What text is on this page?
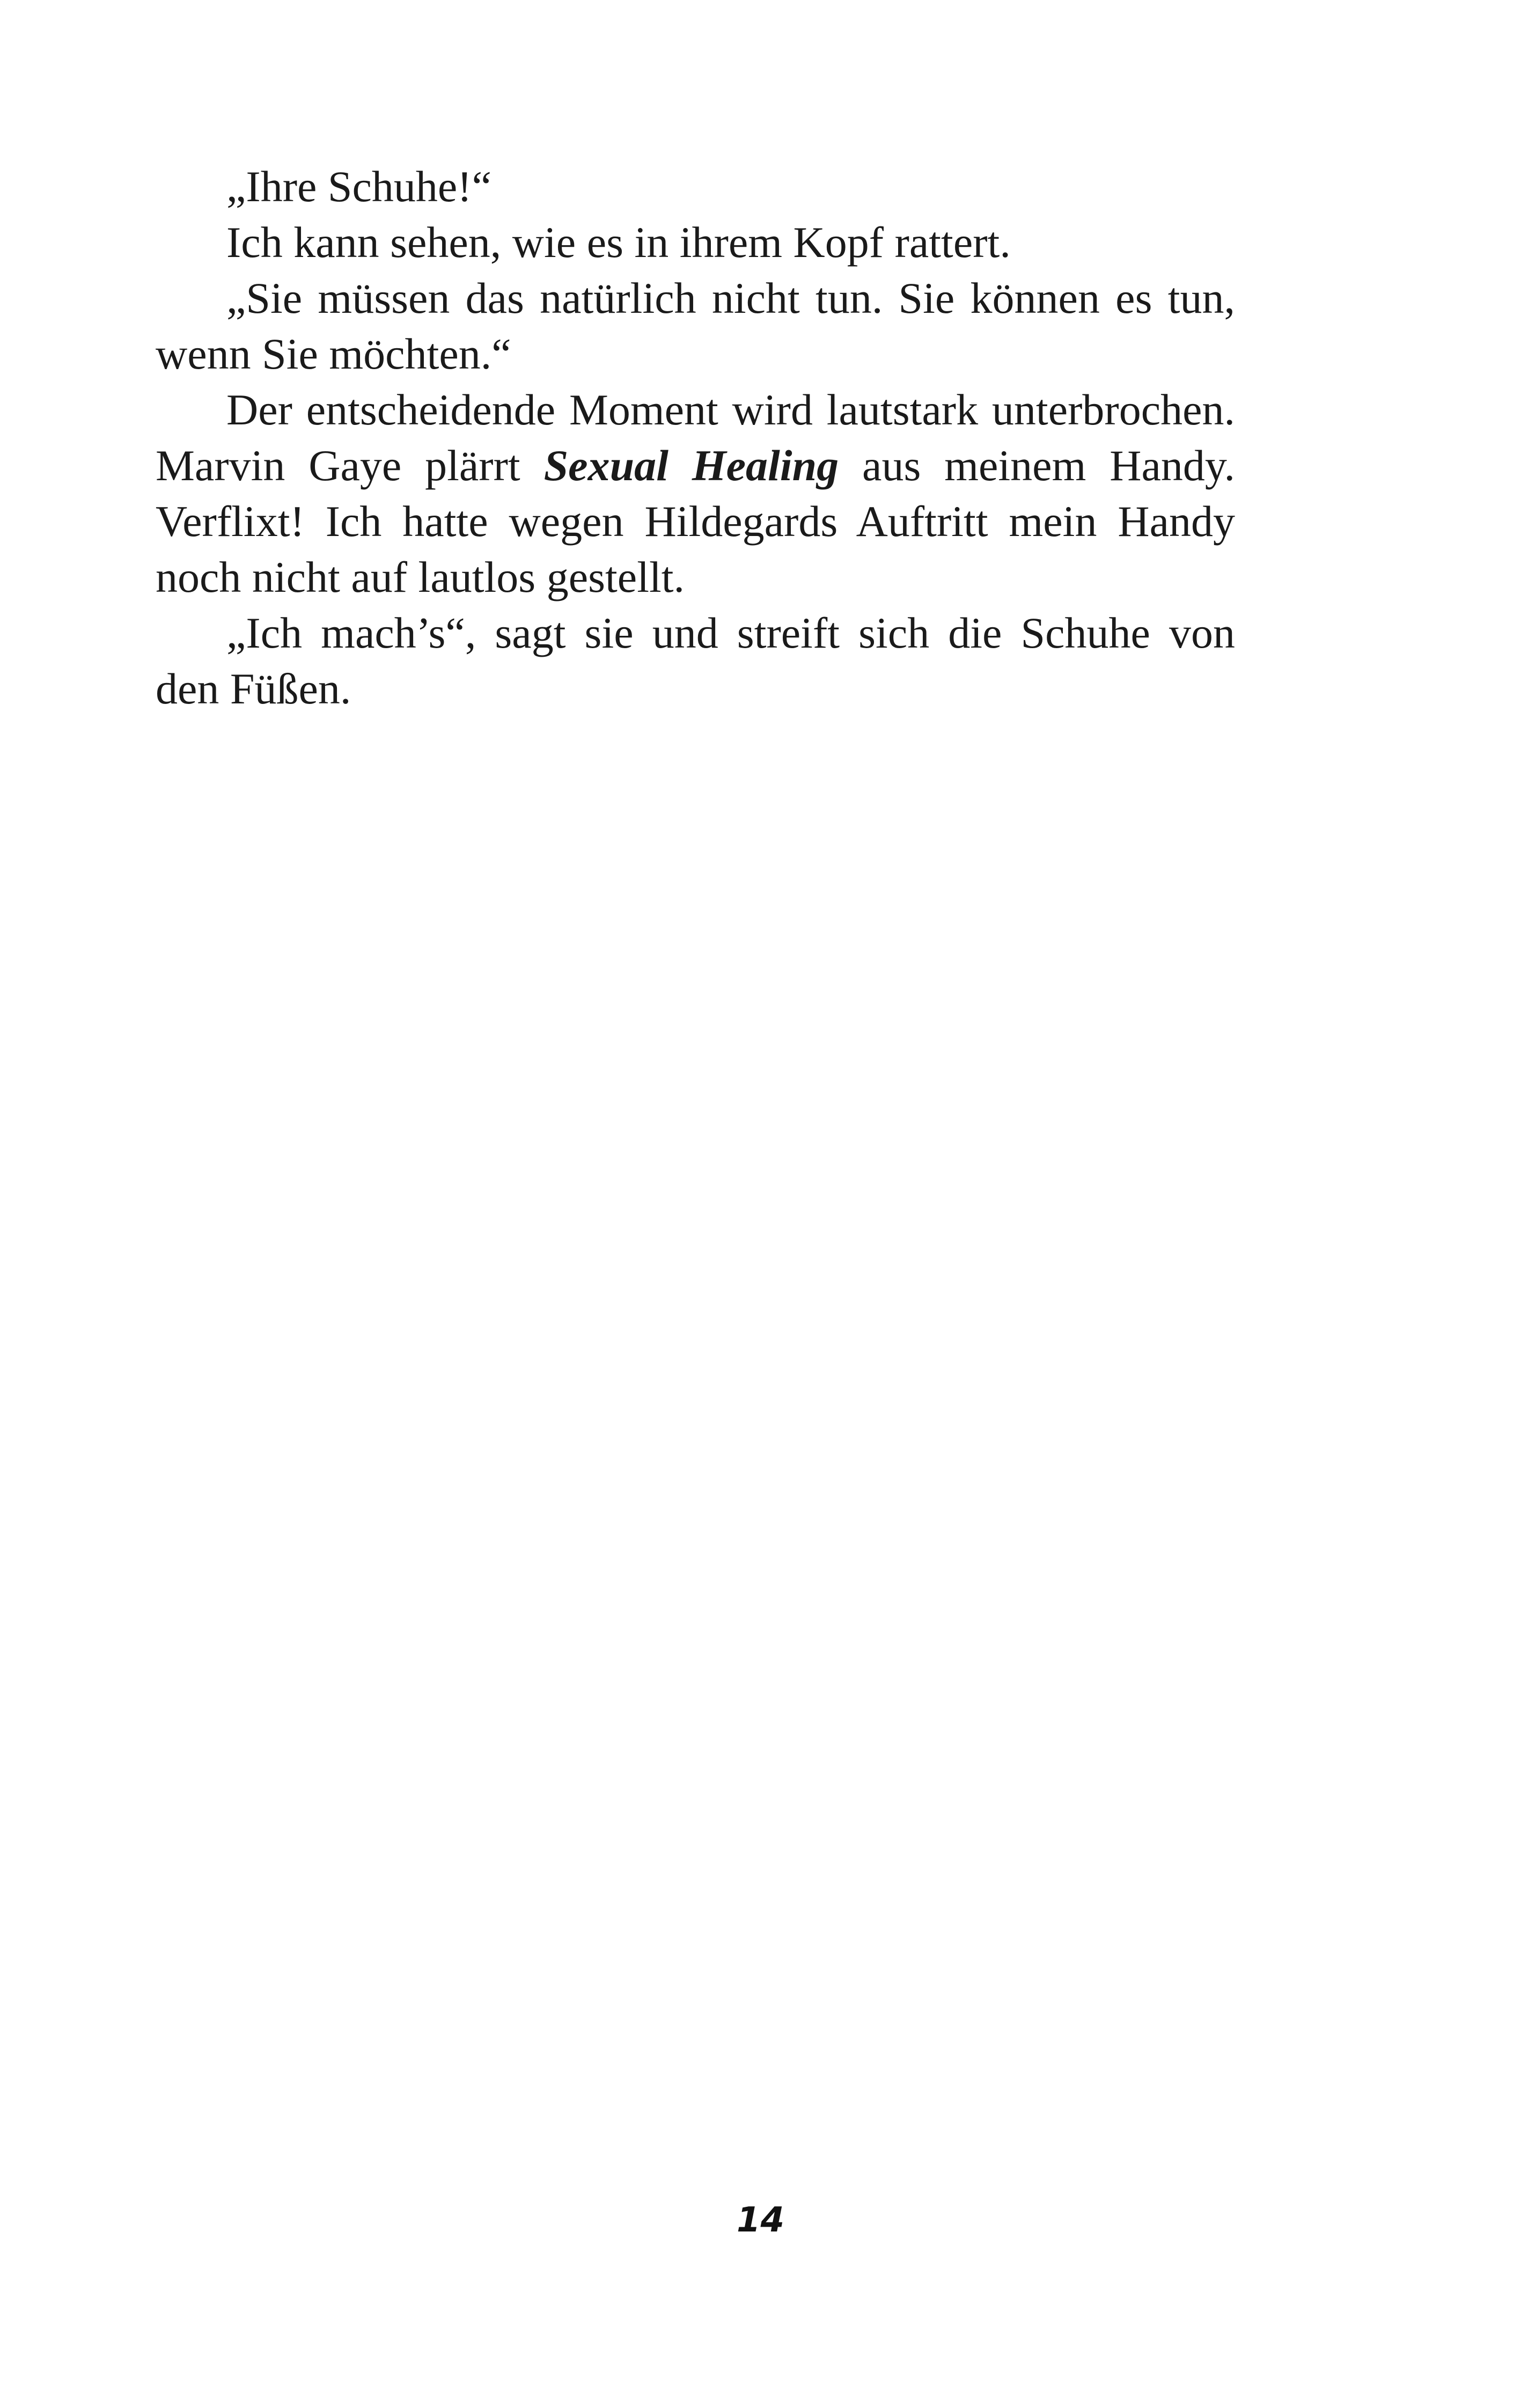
„Ihre Schuhe!“

Ich kann sehen, wie es in ihrem Kopf rattert.

„Sie müssen das natürlich nicht tun. Sie können es tun, wenn Sie möchten.“

Der entscheidende Moment wird lautstark unterbrochen. Marvin Gaye plärrt Sexual Healing aus meinem Handy. Verflixt! Ich hatte wegen Hildegards Auftritt mein Handy noch nicht auf lautlos gestellt.

„Ich mach’s“, sagt sie und streift sich die Schuhe von den Füßen.

14
